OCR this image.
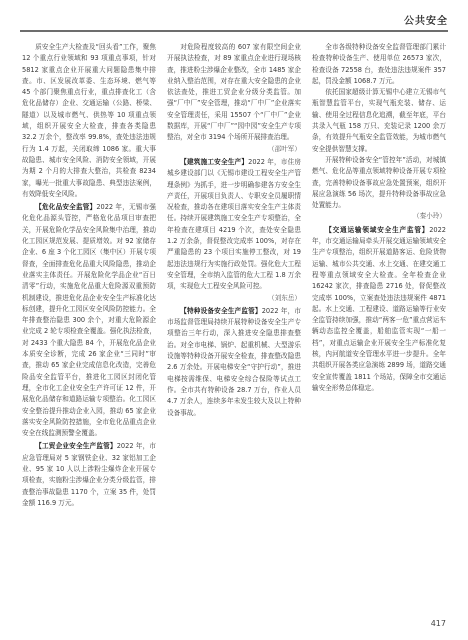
公共安全

质安全生产大检查及“回头看”工作，聚焦 12 个重点行业领域和 93 项重点事项，针对 5812 家重点企业开展重大问题隐患集中排查。市、区发展改革委、生态环境、燃气等 45 个部门聚焦重点行业，重点排查化工（含危化品储存）企业、交通运输（公路、桥梁、隧道）以及城市燃气、供热等 10 项重点领域，组织开展安全大检查，排查各类隐患 32.2 万余个，整改率 99.8%，查处违法违规行为 1.4 万起，关闭取缔 1086 家。重大事故隐患、城市安全风险、消防安全领域，开展为期 2 个月的大排查大整治，共检查 8234 家，曝光一批重大事故隐患、典型违法案例，有效降低安全风险。

【危化品安全监管】2022 年，无锡市强化危化品源头管控，严格危化品项目审查把关，开展危险化学品安全风险集中治理，推动化工园区规范发展、提质增效。对 92 家储存企业、6 座 3 个化工园区（集中区）开展专项督查，全面排查危化品重大风险隐患，推动企业落实主体责任。开展危险化学品企业“百日清零”行动，实施危化品重大危险源双重预防机制建设，推进危化品企业安全生产标准化达标创建，提升化工园区安全风险防控能力。全年排查整治隐患 300 余个，对重大危险源企业完成 2 轮专项检查全覆盖。强化执法检查，对 2433 个重大隐患 84 个，开展危化品企业本质安全诊断，完成 26 家企业“三同时”审查，推动 65 家企业完成信息化改造，完善危险品安全监管平台，推进化工园区封闭化管理，全市化工企业安全生产许可证 12 件，开展危化品储存和道路运输专项整治。化工园区安全整治提升推动企业入园，推动 65 家企业落实安全风险防控措施，全市危化品重点企业安全在线监测预警全覆盖。

【工贸企业安全生产监管】2022 年，市应急管理局对 5 家钢铁企业、32 家铝加工企业、95 家 10 人以上涉粉尘爆炸企业开展专项检查，实施粉尘涉爆企业分类分级监管，排查整治事故隐患 1170 个，立案 35 件，处罚金额 116.9 万元。

对危险程度较高的 607 家有限空间企业开展执法检查，对 89 家重点企业进行现场核查，推进粉尘涉爆企业整改，全市 1485 家企业纳入整治范围，对存在重大安全隐患的企业依法查处，推进工贸企业分级分类监管。加强“厂中厂”安全管理，推动“厂中厂”企业落实安全管理责任，采用 15507 个“厂中厂”企业数据库，开展“厂中厂”“园中园”安全生产专项整治，对全市 3194 个场所开展排查治理。

（邵叶军）

【建筑施工安全生产】2022 年，市住房城乡建设部门以《无锡市建设工程安全生产管理条例》为抓手，进一步明确参建各方安全生产责任，开展项目负责人、专职安全员履职情况检查，推动各在建项目落实安全生产主体责任。持续开展建筑施工安全生产专项整治，全年检查在建项目 4219 个次，查处安全隐患 1.2 万余条，督促整改完成率 100%，对存在严重隐患的 23 个项目实施停工整改，对 19 起违法违规行为实施行政处罚。强化危大工程安全管理，全市纳入监管的危大工程 1.8 万余项，实现危大工程安全风险可控。

（刘东岳）

【特种设备安全生产监管】2022 年，市市场监督管理局持续开展特种设备安全生产专项整治三年行动，深入推进安全隐患排查整治。对全市电梯、锅炉、起重机械、大型游乐设施等特种设备开展安全检查，排查整改隐患 2.6 万余处。开展电梯安全“守护行动”，推进电梯按需维保、电梯安全综合保险等试点工作。全市共有特种设备 28.7 万台，作业人员 4.7 万余人，连续多年未发生较大及以上特种设备事故。

全市各级特种设备安全监督管理部门累计检查特种设备生产、使用单位 26573 家次，检查设备 72558 台，查处违法违规案件 357 起，罚没金额 1068.7 万元。

依托国家超级计算无锡中心建立无锡市气瓶智慧监管平台，实现气瓶充装、储存、运输、使用全过程信息化追溯，截至年底，平台共录入气瓶 158 万只、充装记录 1200 余万条，有效提升气瓶安全监管效能，为城市燃气安全提供智慧支撑。

开展特种设备安全“管控年”活动，对城镇燃气、危化品等重点领域特种设备开展专项检查，完善特种设备事故应急处置预案，组织开展应急演练 56 场次，提升特种设备事故应急处置能力。

（秦小玲）

【交通运输领域安全生产监管】2022 年，市交通运输局牵头开展交通运输领域安全生产专项整治，组织开展道路客运、危险货物运输、城市公共交通、水上交通、在建交通工程等重点领域安全大检查。全年检查企业 16242 家次，排查隐患 2716 处，督促整改完成率 100%，立案查处违法违规案件 4871 起。水上交通、工程建设、道路运输等行业安全监管持续加强，推动“两客一危”重点营运车辆动态监控全覆盖，船舶监管实现“一船一档”，对重点运输企业开展安全生产标准化复核，内河航道安全管理水平进一步提升。全年共组织开展各类应急演练 2899 场，道路交通安全宣传覆盖 1811 个场站，保障全市交通运输安全形势总体稳定。

417
